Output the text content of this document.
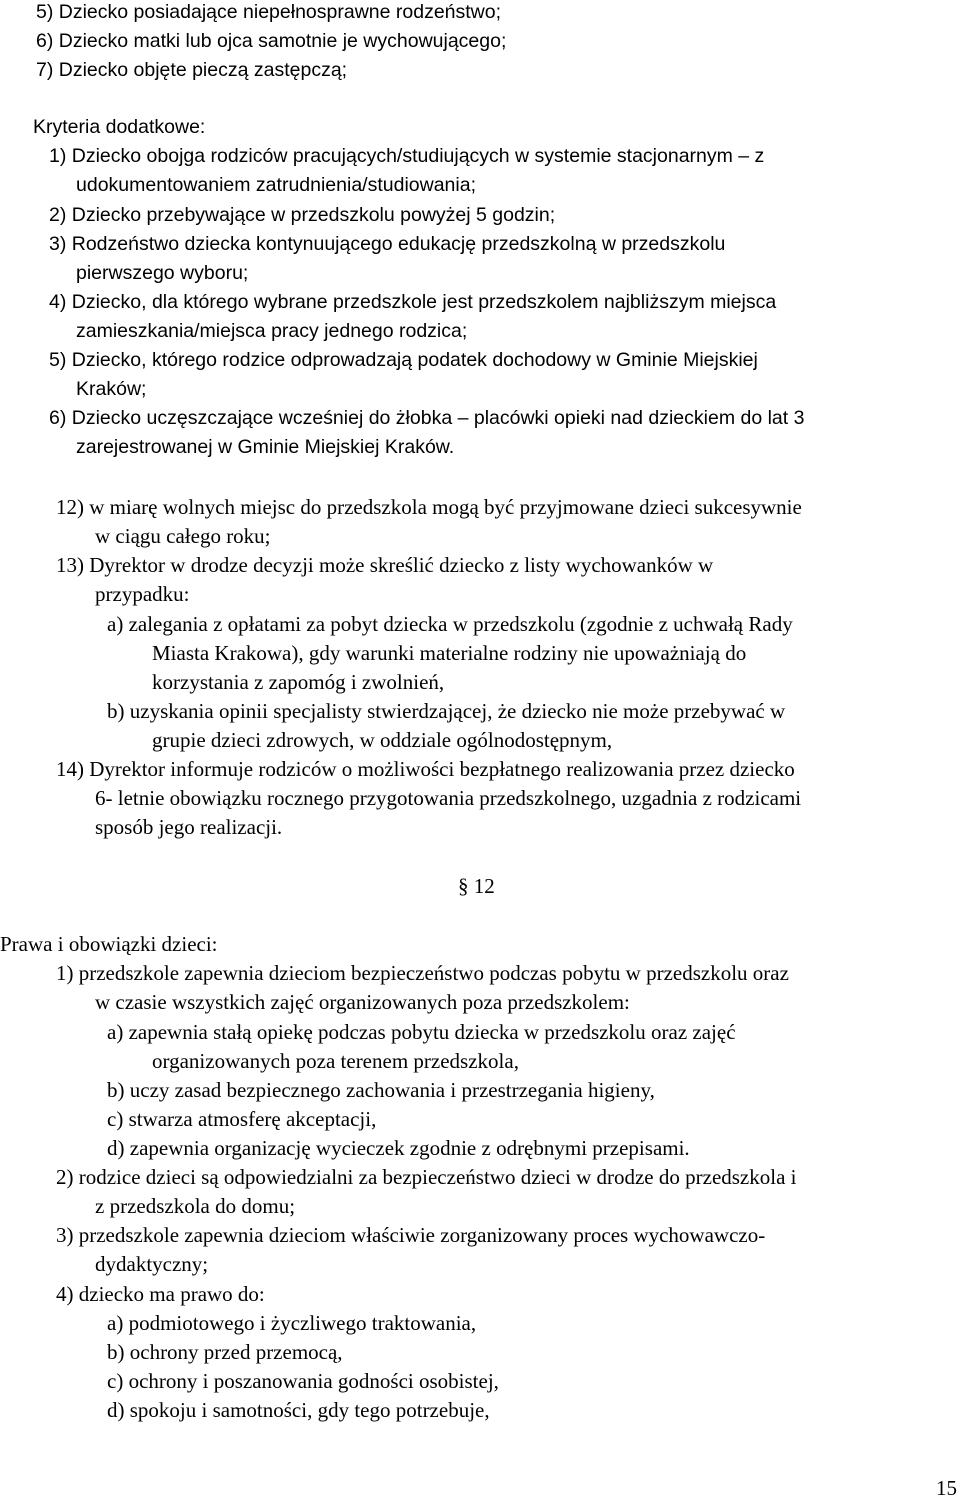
5) Dziecko posiadające niepełnosprawne rodzeństwo;
6) Dziecko matki lub ojca samotnie je wychowującego;
7) Dziecko objęte pieczą zastępczą;
Kryteria dodatkowe:
1) Dziecko obojga rodziców pracujących/studiujących w systemie stacjonarnym – z
udokumentowaniem zatrudnienia/studiowania;
2) Dziecko przebywające w przedszkolu powyżej 5 godzin;
3) Rodzeństwo dziecka kontynuującego edukację przedszkolną w przedszkolu
pierwszego wyboru;
4) Dziecko, dla którego wybrane przedszkole jest przedszkolem najbliższym miejsca
zamieszkania/miejsca pracy jednego rodzica;
5) Dziecko, którego rodzice odprowadzają podatek dochodowy w Gminie Miejskiej
Kraków;
6) Dziecko uczęszczające wcześniej do żłobka – placówki opieki nad dzieckiem do lat 3
zarejestrowanej w Gminie Miejskiej Kraków.
12) w miarę wolnych miejsc do przedszkola mogą być przyjmowane dzieci sukcesywnie
w ciągu całego roku;
13) Dyrektor w drodze decyzji może skreślić dziecko z listy wychowanków w
przypadku:
a) zalegania z opłatami za pobyt dziecka w przedszkolu (zgodnie z uchwałą Rady
Miasta Krakowa), gdy warunki materialne rodziny nie upoważniają do
korzystania z zapomóg i zwolnień,
b) uzyskania opinii specjalisty stwierdzającej, że dziecko nie może przebywać w
grupie dzieci zdrowych, w oddziale ogólnodostępnym,
14) Dyrektor informuje rodziców o możliwości bezpłatnego realizowania przez dziecko
6- letnie obowiązku rocznego przygotowania przedszkolnego, uzgadnia z rodzicami
sposób jego realizacji.
§ 12
Prawa i obowiązki dzieci:
1) przedszkole zapewnia dzieciom bezpieczeństwo podczas pobytu w przedszkolu oraz
w czasie wszystkich zajęć organizowanych poza przedszkolem:
a) zapewnia stałą opiekę podczas pobytu dziecka w przedszkolu oraz zajęć
organizowanych poza terenem przedszkola,
b) uczy zasad bezpiecznego zachowania i przestrzegania higieny,
c) stwarza atmosferę akceptacji,
d) zapewnia organizację wycieczek zgodnie z odrębnymi przepisami.
2) rodzice dzieci są odpowiedzialni za bezpieczeństwo dzieci w drodze do przedszkola i
z przedszkola do domu;
3) przedszkole zapewnia dzieciom właściwie zorganizowany proces wychowawczo-
dydaktyczny;
4) dziecko ma prawo do:
a) podmiotowego i życzliwego traktowania,
b) ochrony przed przemocą,
c) ochrony i poszanowania godności osobistej,
d) spokoju i samotności, gdy tego potrzebuje,
15
